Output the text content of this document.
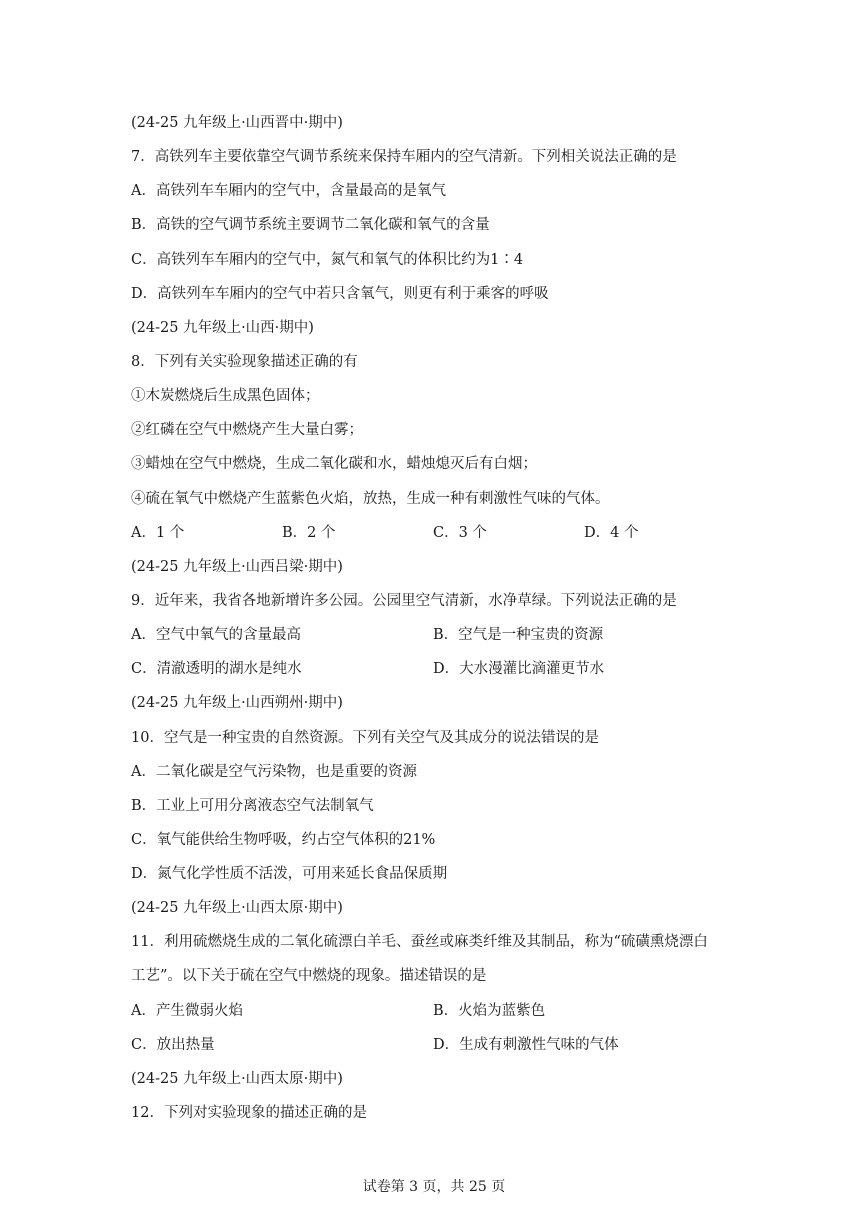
(24-25 九年级上·山西晋中·期中)
7．高铁列车主要依靠空气调节系统来保持车厢内的空气清新。下列相关说法正确的是
A．高铁列车车厢内的空气中，含量最高的是氧气
B．高铁的空气调节系统主要调节二氧化碳和氧气的含量
C．高铁列车车厢内的空气中，氮气和氧气的体积比约为1∶4
D．高铁列车车厢内的空气中若只含氧气，则更有利于乘客的呼吸
(24-25 九年级上·山西·期中)
8．下列有关实验现象描述正确的有
①木炭燃烧后生成黑色固体；
②红磷在空气中燃烧产生大量白雾；
③蜡烛在空气中燃烧，生成二氧化碳和水，蜡烛熄灭后有白烟；
④硫在氧气中燃烧产生蓝紫色火焰，放热，生成一种有刺激性气味的气体。
A．1 个	B．2 个	C．3 个	D．4 个
(24-25 九年级上·山西吕梁·期中)
9．近年来，我省各地新增许多公园。公园里空气清新，水净草绿。下列说法正确的是
A．空气中氧气的含量最高	B．空气是一种宝贵的资源
C．清澈透明的湖水是纯水	D．大水漫灌比滴灌更节水
(24-25 九年级上·山西朔州·期中)
10．空气是一种宝贵的自然资源。下列有关空气及其成分的说法错误的是
A．二氧化碳是空气污染物，也是重要的资源
B．工业上可用分离液态空气法制氧气
C．氧气能供给生物呼吸，约占空气体积的21%
D．氮气化学性质不活泼，可用来延长食品保质期
(24-25 九年级上·山西太原·期中)
11．利用硫燃烧生成的二氧化硫漂白羊毛、蚕丝或麻类纤维及其制品，称为“硫磺熏烧漂白
工艺”。以下关于硫在空气中燃烧的现象。描述错误的是
A．产生微弱火焰	B．火焰为蓝紫色
C．放出热量	D．生成有刺激性气味的气体
(24-25 九年级上·山西太原·期中)
12．下列对实验现象的描述正确的是
试卷第 3 页，共 25 页
